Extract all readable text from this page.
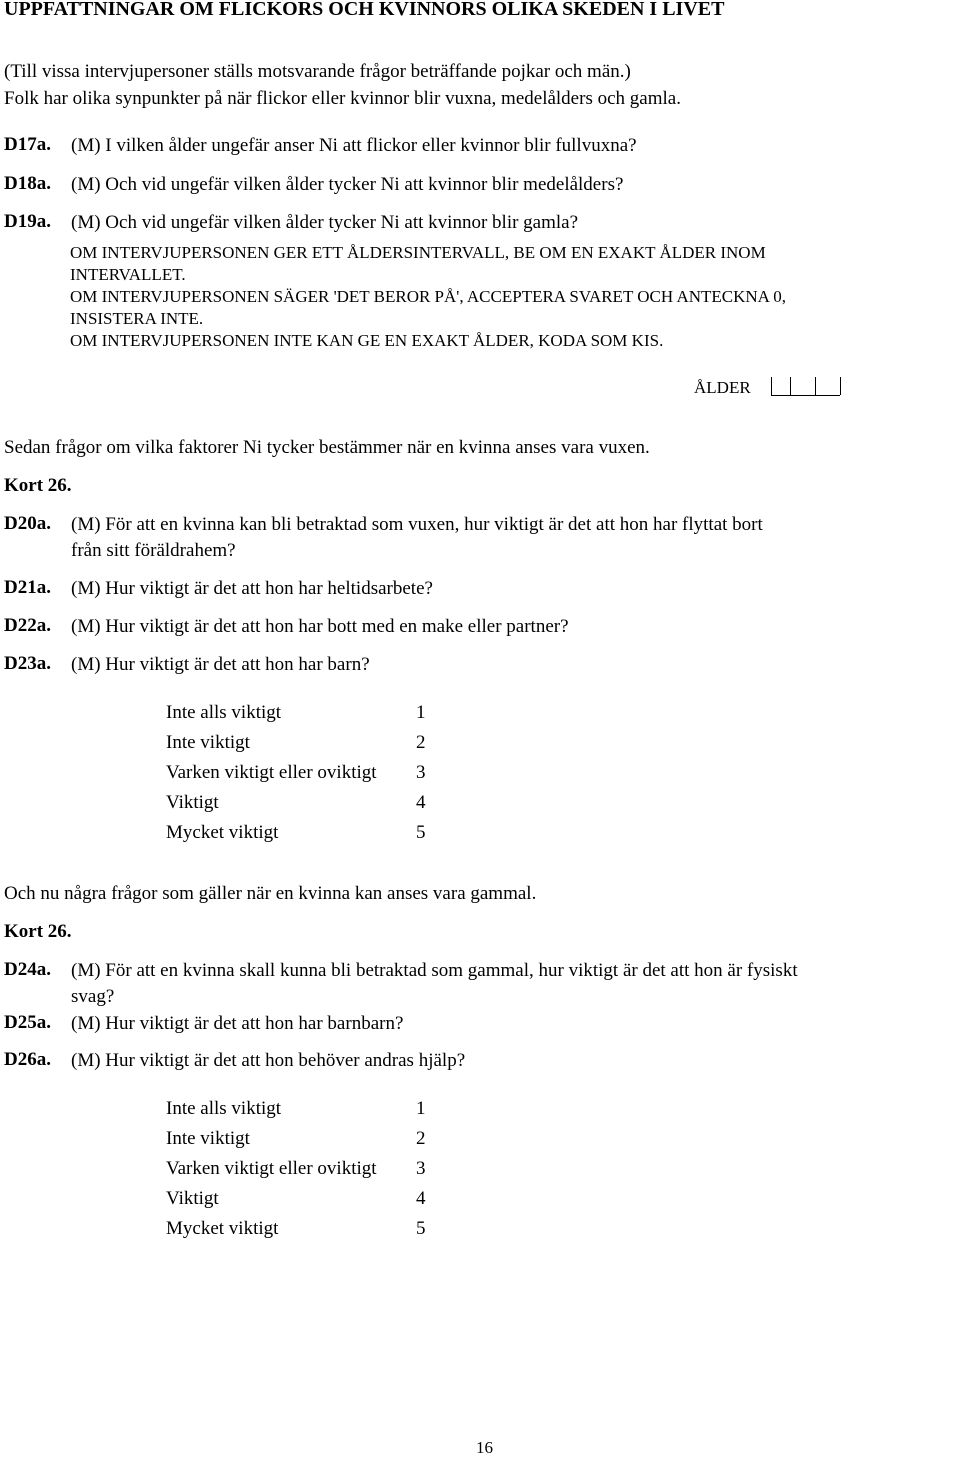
UPPFATTNINGAR OM FLICKORS OCH KVINNORS OLIKA SKEDEN I LIVET
(Till vissa intervjupersoner ställs motsvarande frågor beträffande pojkar och män.)
Folk har olika synpunkter på när flickor eller kvinnor blir vuxna, medelålders och gamla.
D17a. (M) I vilken ålder ungefär anser Ni att flickor eller kvinnor blir fullvuxna?
D18a. (M) Och vid ungefär vilken ålder tycker Ni att kvinnor blir medelålders?
D19a. (M) Och vid ungefär vilken ålder tycker Ni att kvinnor blir gamla?
OM INTERVJUPERSONEN GER ETT ÅLDERSINTERVALL, BE OM EN EXAKT ÅLDER INOM
INTERVALLET.
OM INTERVJUPERSONEN SÄGER 'DET BEROR PÅ', ACCEPTERA SVARET OCH ANTECKNA 0,
INSISTERA INTE.
OM INTERVJUPERSONEN INTE KAN GE EN EXAKT ÅLDER, KODA SOM KIS.
ÅLDER
Sedan frågor om vilka faktorer Ni tycker bestämmer när en kvinna anses vara vuxen.
Kort 26.
D20a. (M) För att en kvinna kan bli betraktad som vuxen, hur viktigt är det att hon har flyttat bort
från sitt föräldrahem?
D21a. (M) Hur viktigt är det att hon har heltidsarbete?
D22a. (M) Hur viktigt är det att hon har bott med en make eller partner?
D23a. (M) Hur viktigt är det att hon har barn?
Inte alls viktigt	1
Inte viktigt	2
Varken viktigt eller oviktigt 3
Viktigt	4
Mycket viktigt	5
Och nu några frågor som gäller när en kvinna kan anses vara gammal.
Kort 26.
D24a. (M) För att en kvinna skall kunna bli betraktad som gammal, hur viktigt är det att hon är fysiskt
svag?
D25a. (M) Hur viktigt är det att hon har barnbarn?
D26a. (M) Hur viktigt är det att hon behöver andras hjälp?
Inte alls viktigt	1
Inte viktigt	2
Varken viktigt eller oviktigt 3
Viktigt	4
Mycket viktigt	5
16
